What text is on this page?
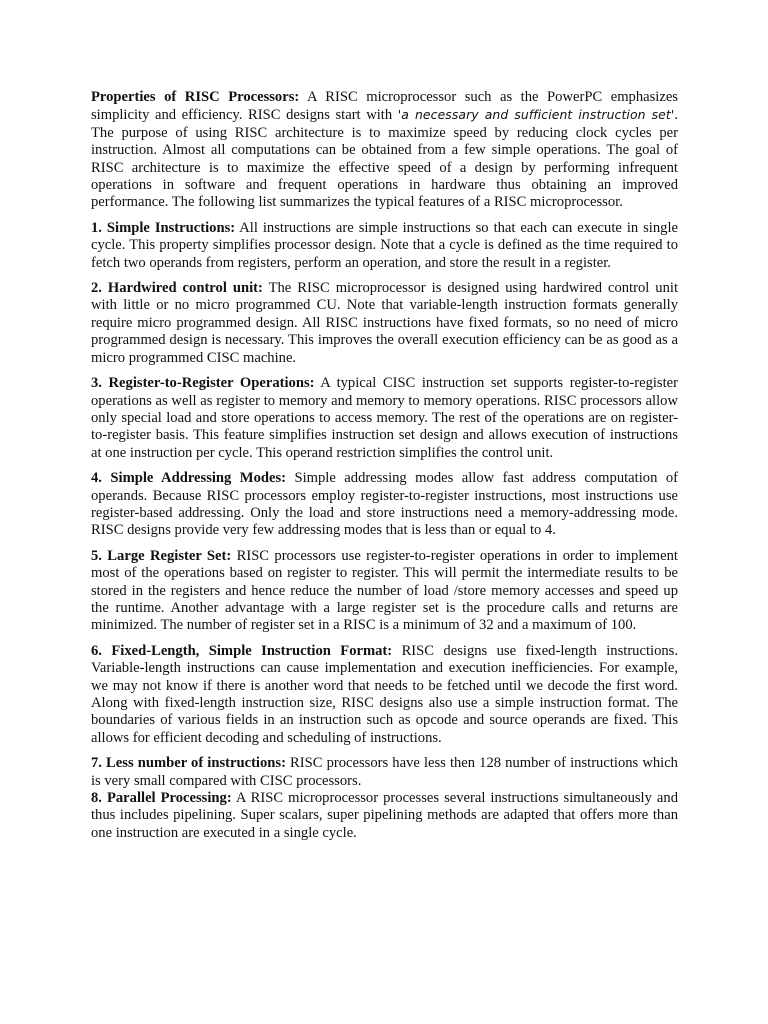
Properties of RISC Processors: A RISC microprocessor such as the PowerPC emphasizes simplicity and efficiency. RISC designs start with 'a necessary and sufficient instruction set'. The purpose of using RISC architecture is to maximize speed by reducing clock cycles per instruction. Almost all computations can be obtained from a few simple operations. The goal of RISC architecture is to maximize the effective speed of a design by performing infrequent operations in software and frequent operations in hardware thus obtaining an improved performance. The following list summarizes the typical features of a RISC microprocessor.

1. Simple Instructions: All instructions are simple instructions so that each can execute in single cycle. This property simplifies processor design. Note that a cycle is defined as the time required to fetch two operands from registers, perform an operation, and store the result in a register.

2. Hardwired control unit: The RISC microprocessor is designed using hardwired control unit with little or no micro programmed CU. Note that variable-length instruction formats generally require micro programmed design. All RISC instructions have fixed formats, so no need of micro programmed design is necessary. This improves the overall execution efficiency can be as good as a micro programmed CISC machine.

3. Register-to-Register Operations: A typical CISC instruction set supports register-to-register operations as well as register to memory and memory to memory operations. RISC processors allow only special load and store operations to access memory. The rest of the operations are on register-to-register basis. This feature simplifies instruction set design and allows execution of instructions at one instruction per cycle. This operand restriction simplifies the control unit.

4. Simple Addressing Modes: Simple addressing modes allow fast address computation of operands. Because RISC processors employ register-to-register instructions, most instructions use register-based addressing. Only the load and store instructions need a memory-addressing mode. RISC designs provide very few addressing modes that is less than or equal to 4.

5. Large Register Set: RISC processors use register-to-register operations in order to implement most of the operations based on register to register. This will permit the intermediate results to be stored in the registers and hence reduce the number of load /store memory accesses and speed up the runtime. Another advantage with a large register set is the procedure calls and returns are minimized. The number of register set in a RISC is a minimum of 32 and a maximum of 100.

6. Fixed-Length, Simple Instruction Format: RISC designs use fixed-length instructions. Variable-length instructions can cause implementation and execution inefficiencies. For example, we may not know if there is another word that needs to be fetched until we decode the first word. Along with fixed-length instruction size, RISC designs also use a simple instruction format. The boundaries of various fields in an instruction such as opcode and source operands are fixed. This allows for efficient decoding and scheduling of instructions.

7. Less number of instructions: RISC processors have less then 128 number of instructions which is very small compared with CISC processors.

8. Parallel Processing: A RISC microprocessor processes several instructions simultaneously and thus includes pipelining. Super scalars, super pipelining methods are adapted that offers more than one instruction are executed in a single cycle.
